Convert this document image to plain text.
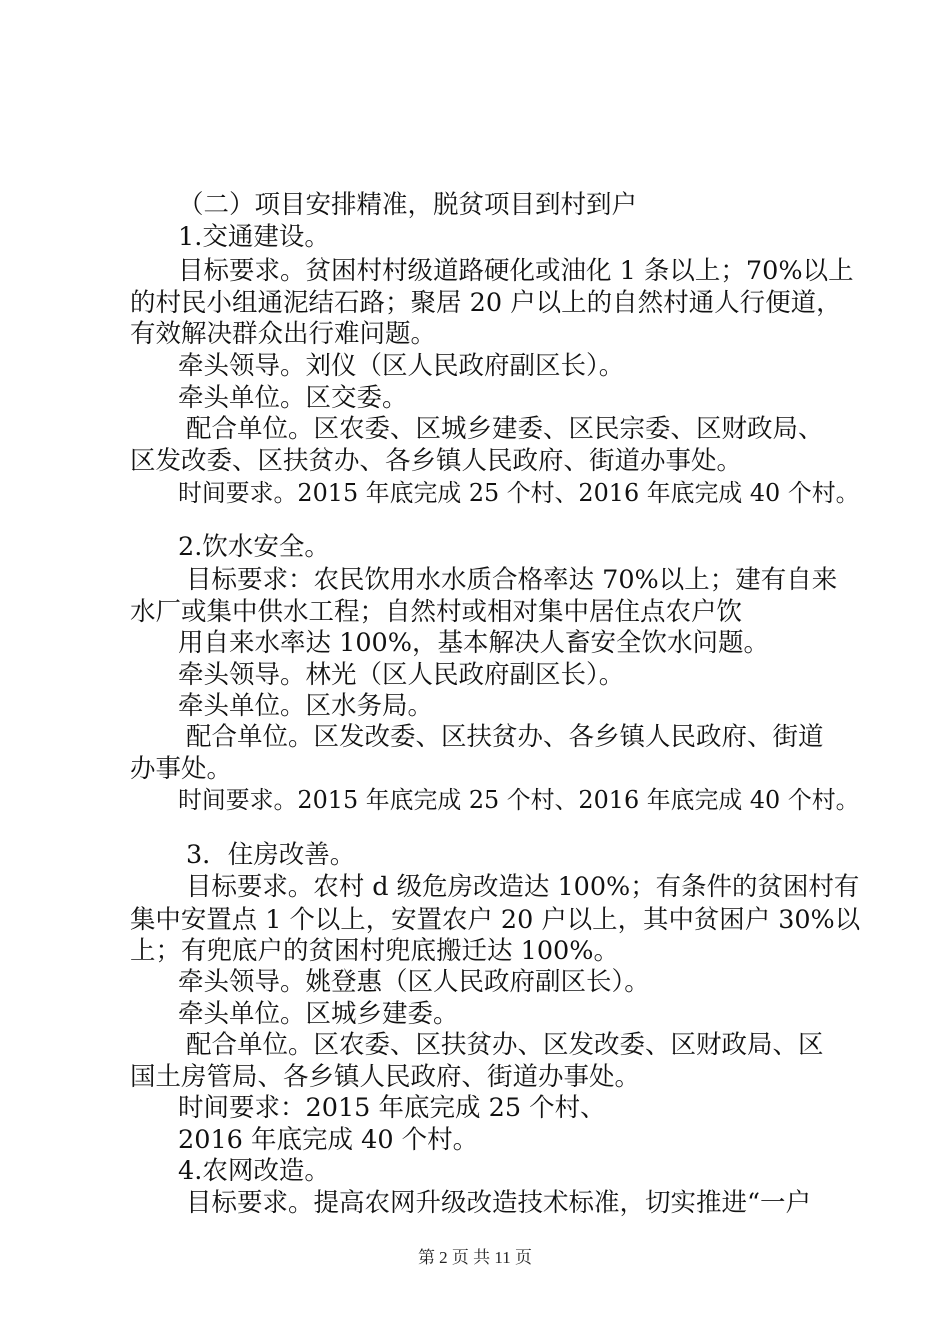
（二）项目安排精准，脱贫项目到村到户
1.交通建设。
目标要求。贫困村村级道路硬化或油化 1 条以上；70%以上
的村民小组通泥结石路；聚居 20 户以上的自然村通人行便道，
有效解决群众出行难问题。
牵头领导。刘仪（区人民政府副区长）。
牵头单位。区交委。
配合单位。区农委、区城乡建委、区民宗委、区财政局、
区发改委、区扶贫办、各乡镇人民政府、街道办事处。
时间要求。2015 年底完成 25 个村、2016 年底完成 40 个村。
2.饮水安全。
目标要求：农民饮用水水质合格率达 70%以上；建有自来
水厂或集中供水工程；自然村或相对集中居住点农户饮
用自来水率达 100%，基本解决人畜安全饮水问题。
牵头领导。林光（区人民政府副区长）。
牵头单位。区水务局。
配合单位。区发改委、区扶贫办、各乡镇人民政府、街道
办事处。
时间要求。2015 年底完成 25 个村、2016 年底完成 40 个村。
3．住房改善。
目标要求。农村 d 级危房改造达 100%；有条件的贫困村有
集中安置点 1 个以上，安置农户 20 户以上，其中贫困户 30%以
上；有兜底户的贫困村兜底搬迁达 100%。
牵头领导。姚登惠（区人民政府副区长）。
牵头单位。区城乡建委。
配合单位。区农委、区扶贫办、区发改委、区财政局、区
国土房管局、各乡镇人民政府、街道办事处。
时间要求：2015 年底完成 25 个村、
2016 年底完成 40 个村。
4.农网改造。
目标要求。提高农网升级改造技术标准，切实推进“一户
第 2 页 共 11 页
